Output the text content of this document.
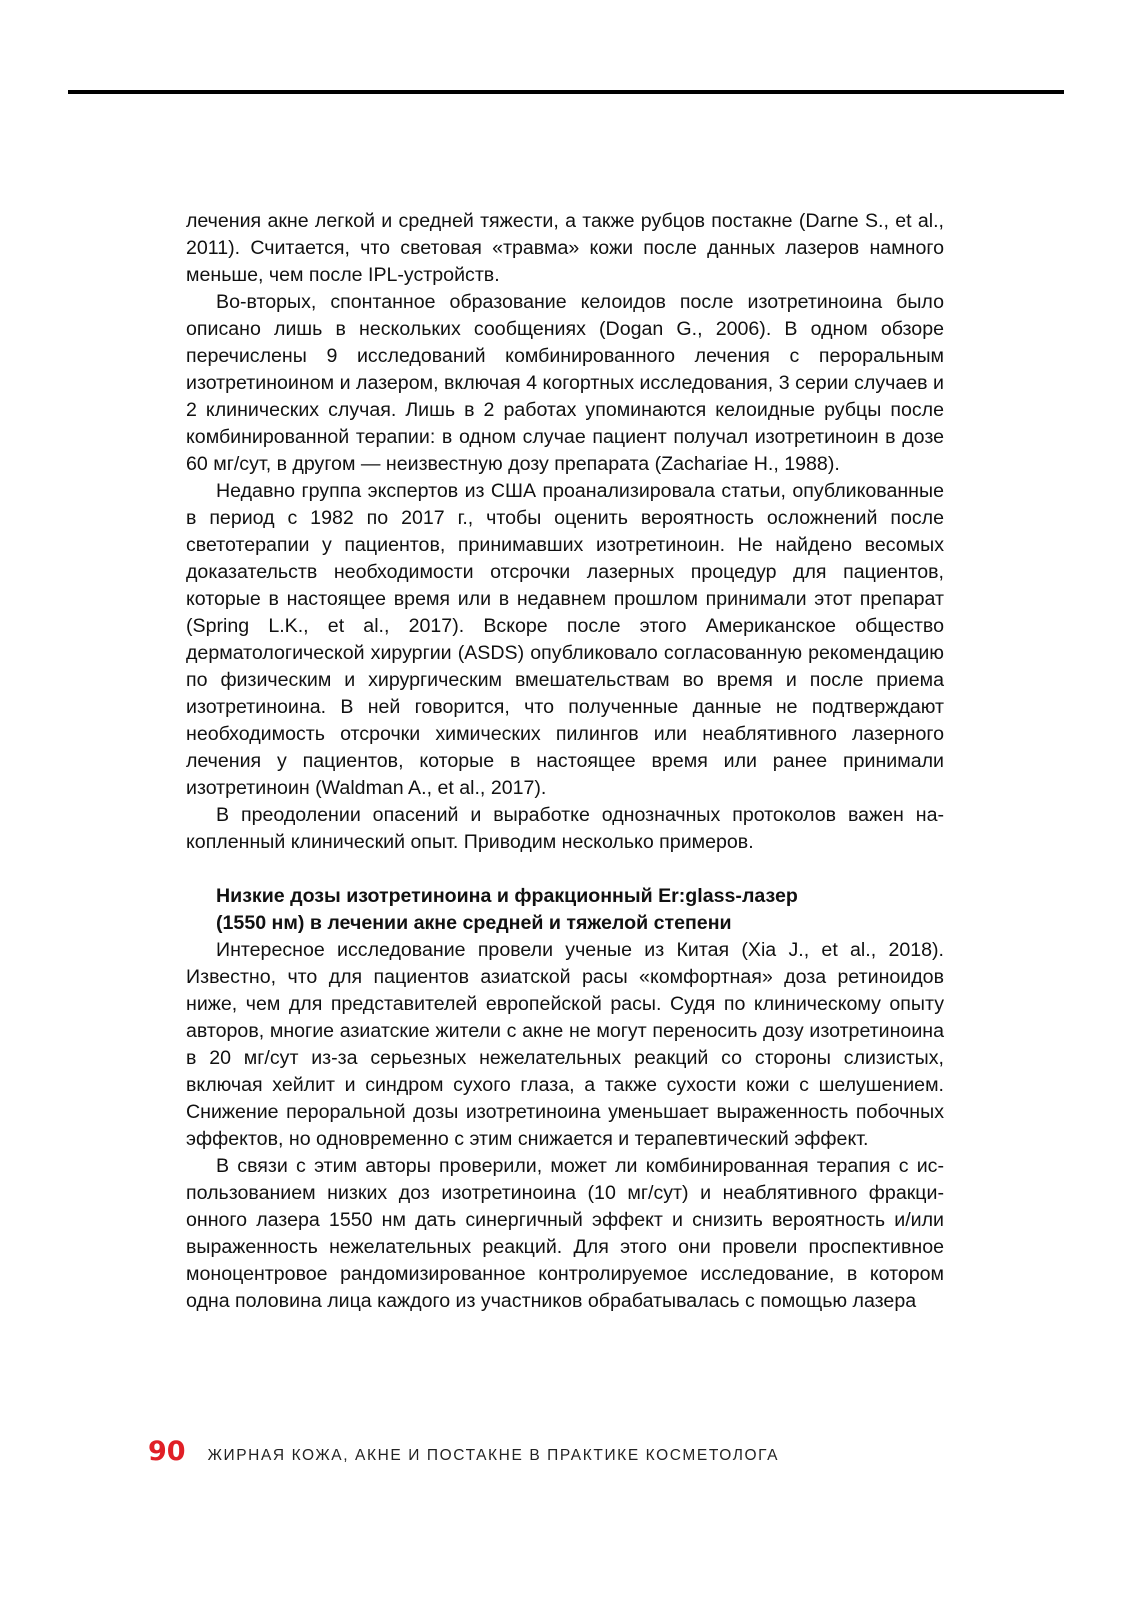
лечения акне легкой и средней тяжести, а также рубцов постакне (Darne S., et al., 2011). Считается, что световая «травма» кожи после данных лазеров намного меньше, чем после IPL-устройств.

Во-вторых, спонтанное образование келоидов после изотретиноина было описано лишь в нескольких сообщениях (Dogan G., 2006). В одном обзоре перечислены 9 исследований комбинированного лечения с пероральным изотретиноином и лазером, включая 4 когортных исследования, 3 серии случаев и 2 клинических случая. Лишь в 2 работах упоминаются келоидные рубцы после комбинированной терапии: в одном случае пациент получал изотретиноин в дозе 60 мг/сут, в другом — неизвестную дозу препарата (Zachariae H., 1988).

Недавно группа экспертов из США проанализировала статьи, опубликованные в период с 1982 по 2017 г., чтобы оценить вероятность осложнений после светотерапии у пациентов, принимавших изотретиноин. Не найдено весомых доказательств необходимости отсрочки лазерных процедур для пациентов, которые в настоящее время или в недавнем прошлом принимали этот препарат (Spring L.K., et al., 2017). Вскоре после этого Американское общество дерматологической хирургии (ASDS) опубликовало согласованную рекомендацию по физическим и хирургическим вмешательствам во время и после приема изотретиноина. В ней говорится, что полученные данные не подтверждают необходимость отсрочки химических пилингов или неаблятивного лазерного лечения у пациентов, которые в настоящее время или ранее принимали изотретиноин (Waldman A., et al., 2017).

В преодолении опасений и выработке однозначных протоколов важен накопленный клинический опыт. Приводим несколько примеров.

Низкие дозы изотретиноина и фракционный Er:glass-лазер
(1550 нм) в лечении акне средней и тяжелой степени

Интересное исследование провели ученые из Китая (Xia J., et al., 2018). Известно, что для пациентов азиатской расы «комфортная» доза ретиноидов ниже, чем для представителей европейской расы. Судя по клиническому опыту авторов, многие азиатские жители с акне не могут переносить дозу изотретиноина в 20 мг/сут из-за серьезных нежелательных реакций со стороны слизистых, включая хейлит и синдром сухого глаза, а также сухости кожи с шелушением. Снижение пероральной дозы изотретиноина уменьшает выраженность побочных эффектов, но одновременно с этим снижается и терапевтический эффект.

В связи с этим авторы проверили, может ли комбинированная терапия с использованием низких доз изотретиноина (10 мг/сут) и неаблятивного фракционного лазера 1550 нм дать синергичный эффект и снизить вероятность и/или выраженность нежелательных реакций. Для этого они провели проспективное моноцентровое рандомизированное контролируемое исследование, в котором одна половина лица каждого из участников обрабатывалась с помощью лазера

90 ЖИРНАЯ КОЖА, АКНЕ И ПОСТАКНЕ В ПРАКТИКЕ КОСМЕТОЛОГА
